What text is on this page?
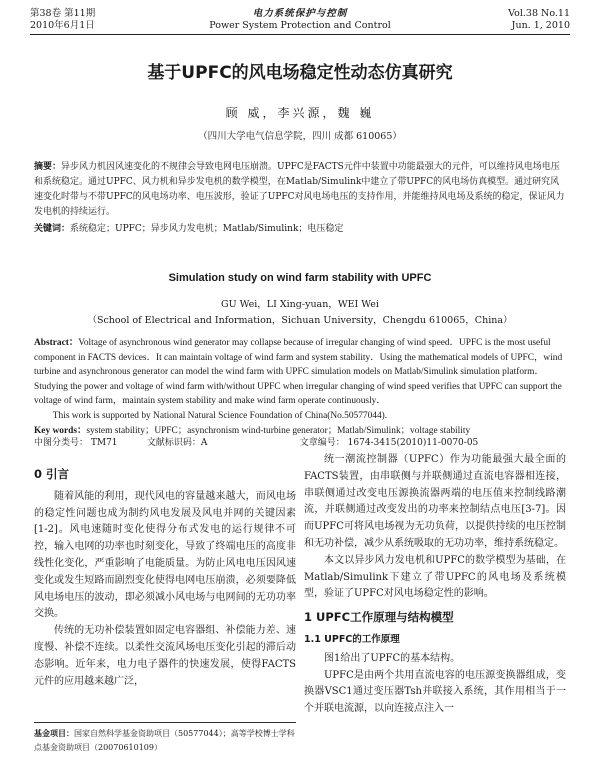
第38卷 第11期
2010年6月1日
电力系统保护与控制
Power System Protection and Control
Vol.38 No.11
Jun. 1, 2010
基于UPFC的风电场稳定性动态仿真研究
顾 威，李兴源，魏 巍
（四川大学电气信息学院，四川 成都 610065）
摘要：异步风力机因风速变化的不规律会导致电网电压崩溃。UPFC是FACTS元件中装置中功能最强大的元件，可以维持风电场电压和系统稳定。通过UPFC、风力机和异步发电机的数学模型，在Matlab/Simulink中建立了带UPFC的风电场仿真模型。通过研究风速变化时带与不带UPFC的风电场功率、电压波形，验证了UPFC对风电场电压的支持作用，并能维持风电场及系统的稳定，保证风力发电机的持续运行。
关键词：系统稳定；UPFC；异步风力发电机；Matlab/Simulink；电压稳定
Simulation study on wind farm stability with UPFC
GU Wei，LI Xing-yuan，WEI Wei
（School of Electrical and Information，Sichuan University，Chengdu 610065，China）
Abstract：Voltage of asynchronous wind generator may collapse because of irregular changing of wind speed．UPFC is the most useful component in FACTS devices．It can maintain voltage of wind farm and system stability．Using the mathematical models of UPFC，wind turbine and asynchronous generator can model the wind farm with UPFC simulation models on Matlab/Simulink simulation platform．Studying the power and voltage of wind farm with/without UPFC when irregular changing of wind speed verifies that UPFC can support the voltage of wind farm，maintain system stability and make wind farm operate continuously．
This work is supported by National Natural Science Foundation of China(No.50577044).
Key words：system stability；UPFC；asynchronism wind-turbine generator；Matlab/Simulink；voltage stability
中图分类号： TM71	文献标识码：A	文章编号： 1674-3415(2010)11-0070-05
0 引言

随着风能的利用，现代风电的容量越来越大，而风电场的稳定性问题也成为制约风电发展及风电并网的关键因素[1-2]。风电速随时变化使得分布式发电的运行规律不可控，输入电网的功率也时刻变化，导致了终端电压的高度非线性化变化，严重影响了电能质量。为防止风电电压因风速变化或发生短路而剧烈变化使得电网电压崩溃，必须要降低风电场电压的波动，即必须减小风电场与电网间的无功功率交换。

传统的无功补偿装置如固定电容器组、补偿能力差、速度慢、补偿不连续。以柔性交流风场电压变化引起的滞后动态影响。近年来，电力电子器件的快速发展，使得FACTS元件的应用越来越广泛，

统一潮流控制器（UPFC）作为功能最强大最全面的FACTS装置，由串联侧与并联侧通过直流电容器相连接，串联侧通过改变电压源换流器两端的电压值来控制线路潮流，并联侧通过改变发出的功率来控制结点电压[3-7]。因而UPFC可将风电场视为无功负荷，以提供持续的电压控制和无功补偿，减少从系统吸取的无功功率，维持系统稳定。

本文以异步风力发电机和UPFC的数学模型为基础，在Matlab/Simulink下建立了带UPFC的风电场及系统模型，验证了UPFC对风电场稳定性的影响。

1 UPFC工作原理与结构模型
1.1 UPFC的工作原理

图1给出了UPFC的基本结构。

UPFC是由两个共用直流电容的电压源变换器组成，变换器VSC1通过变压器Tsh并联接入系统，其作用相当于一个并联电流源，以向连接点注入一

基金项目：国家自然科学基金资助项目（50577044）；高等学校博士学科点基金资助项目（20070610109）
